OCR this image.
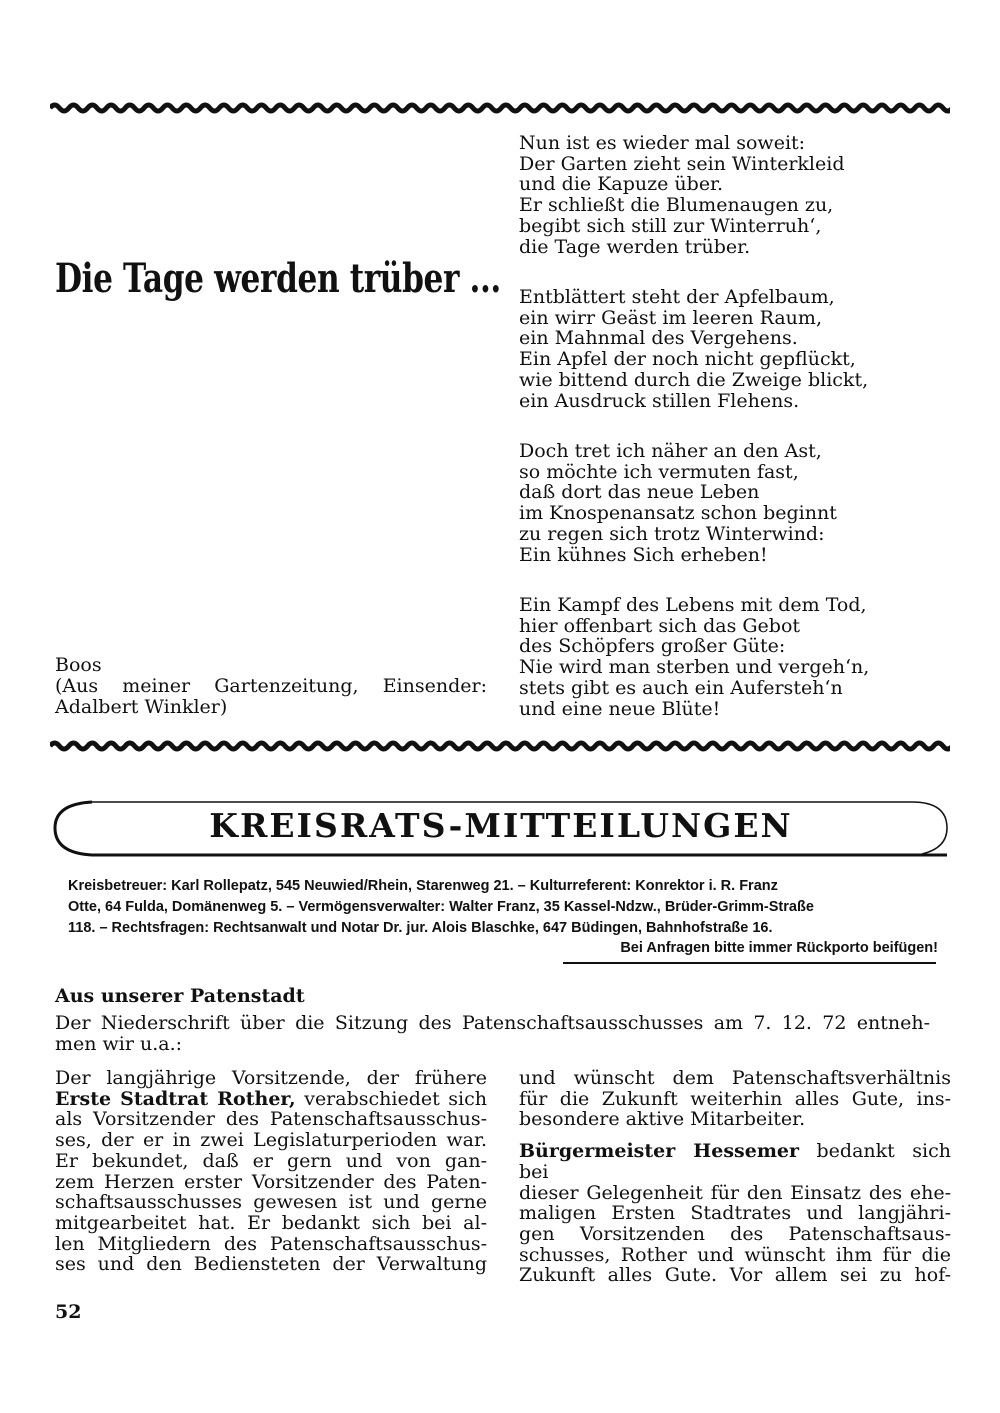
Die Tage werden trüber ...
Nun ist es wieder mal soweit:
Der Garten zieht sein Winterkleid
und die Kapuze über.
Er schließt die Blumenaugen zu,
begibt sich still zur Winterruh‘,
die Tage werden trüber.
Entblättert steht der Apfelbaum,
ein wirr Geäst im leeren Raum,
ein Mahnmal des Vergehens.
Ein Apfel der noch nicht gepflückt,
wie bittend durch die Zweige blickt,
ein Ausdruck stillen Flehens.
Doch tret ich näher an den Ast,
so möchte ich vermuten fast,
daß dort das neue Leben
im Knospenansatz schon beginnt
zu regen sich trotz Winterwind:
Ein kühnes Sich erheben!
Ein Kampf des Lebens mit dem Tod,
hier offenbart sich das Gebot
des Schöpfers großer Güte:
Nie wird man sterben und vergeh‘n,
stets gibt es auch ein Aufersteh‘n
und eine neue Blüte!
Boos
(Aus meiner Gartenzeitung, Einsender:
Adalbert Winkler)
KREISRATS-MITTEILUNGEN
Kreisbetreuer: Karl Rollepatz, 545 Neuwied/Rhein, Starenweg 21. – Kulturreferent: Konrektor i. R. Franz
Otte, 64 Fulda, Domänenweg 5. – Vermögensverwalter: Walter Franz, 35 Kassel-Ndzw., Brüder-Grimm-Straße
118. – Rechtsfragen: Rechtsanwalt und Notar Dr. jur. Alois Blaschke, 647 Büdingen, Bahnhofstraße 16.
Bei Anfragen bitte immer Rückporto beifügen!
Aus unserer Patenstadt
Der Niederschrift über die Sitzung des Patenschaftsausschusses am 7. 12. 72 entneh-
men wir u.a.:
Der langjährige Vorsitzende, der frühere
Erste Stadtrat Rother, verabschiedet sich
als Vorsitzender des Patenschaftsausschus-
ses, der er in zwei Legislaturperioden war.
Er bekundet, daß er gern und von gan-
zem Herzen erster Vorsitzender des Paten-
schaftsausschusses gewesen ist und gerne
mitgearbeitet hat. Er bedankt sich bei al-
len Mitgliedern des Patenschaftsausschus-
ses und den Bediensteten der Verwaltung
und wünscht dem Patenschaftsverhältnis
für die Zukunft weiterhin alles Gute, ins-
besondere aktive Mitarbeiter.
Bürgermeister Hessemer bedankt sich bei
dieser Gelegenheit für den Einsatz des ehe-
maligen Ersten Stadtrates und langjähri-
gen Vorsitzenden des Patenschaftsaus-
schusses, Rother und wünscht ihm für die
Zukunft alles Gute. Vor allem sei zu hof-
52
